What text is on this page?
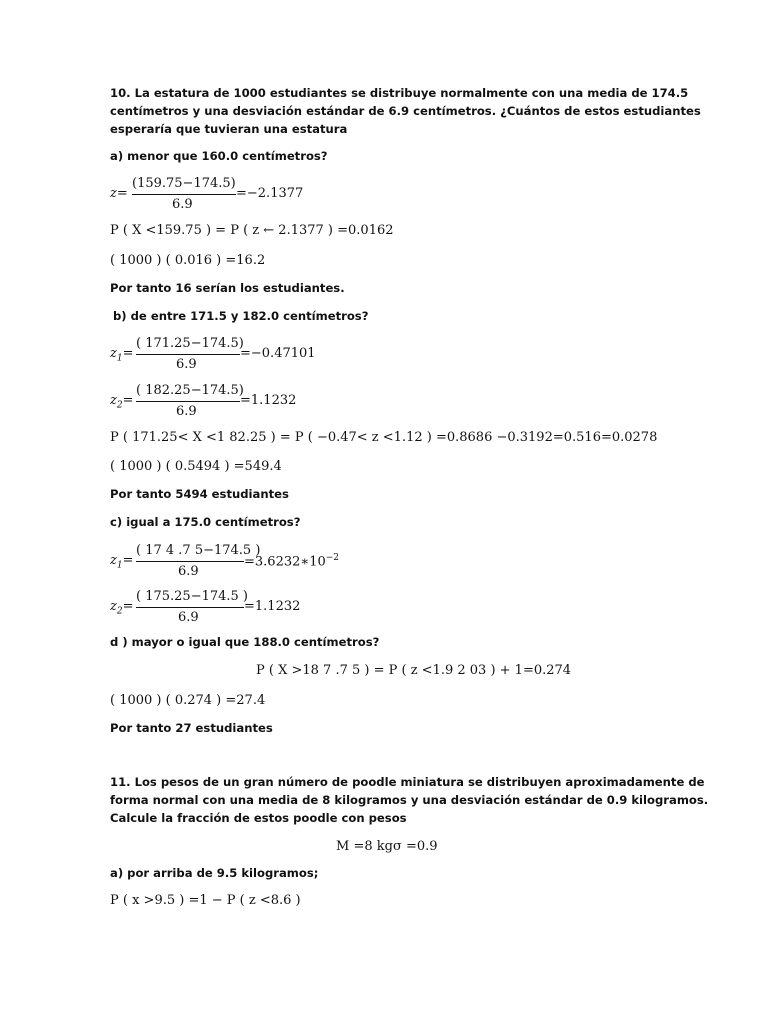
10. La estatura de 1000 estudiantes se distribuye normalmente con una media de 174.5
centímetros y una desviación estándar de 6.9 centímetros. ¿Cuántos de estos estudiantes
esperaría que tuvieran una estatura
a) menor que 160.0 centímetros?
z=
(159.75−174.5)
6.9
=−2.1377
P ( X <159.75 ) = P ( z ← 2.1377 ) =0.0162
( 1000 ) ( 0.016 ) =16.2
Por tanto 16 serían los estudiantes.
b) de entre 171.5 y 182.0 centímetros?
$z_1=$
( 171.25−174.5)
6.9
=−0.47101
$z_2=$
( 182.25−174.5)
6.9
=1.1232
P ( 171.25< X <1 82.25 ) = P ( −0.47< z <1.12 ) =0.8686 −0.3192=0.516=0.0278
( 1000 ) ( 0.5494 ) =549.4
Por tanto 5494 estudiantes
c) igual a 175.0 centímetros?
$z_1=$
( 17 4 .7 5−174.5 )
6.9
$=3.6232∗10^{-2}$
$z_2=$
( 175.25−174.5 )
6.9
=1.1232
d ) mayor o igual que 188.0 centímetros?
P ( X >18 7 .7 5 ) = P ( z <1.9 2 03 ) + 1=0.274
( 1000 ) ( 0.274 ) =27.4
Por tanto 27 estudiantes
11. Los pesos de un gran número de poodle miniatura se distribuyen aproximadamente de
forma normal con una media de 8 kilogramos y una desviación estándar de 0.9 kilogramos.
Calcule la fracción de estos poodle con pesos
M =8 kgσ =0.9
a) por arriba de 9.5 kilogramos;
P ( x >9.5 ) =1 − P ( z <8.6 )
